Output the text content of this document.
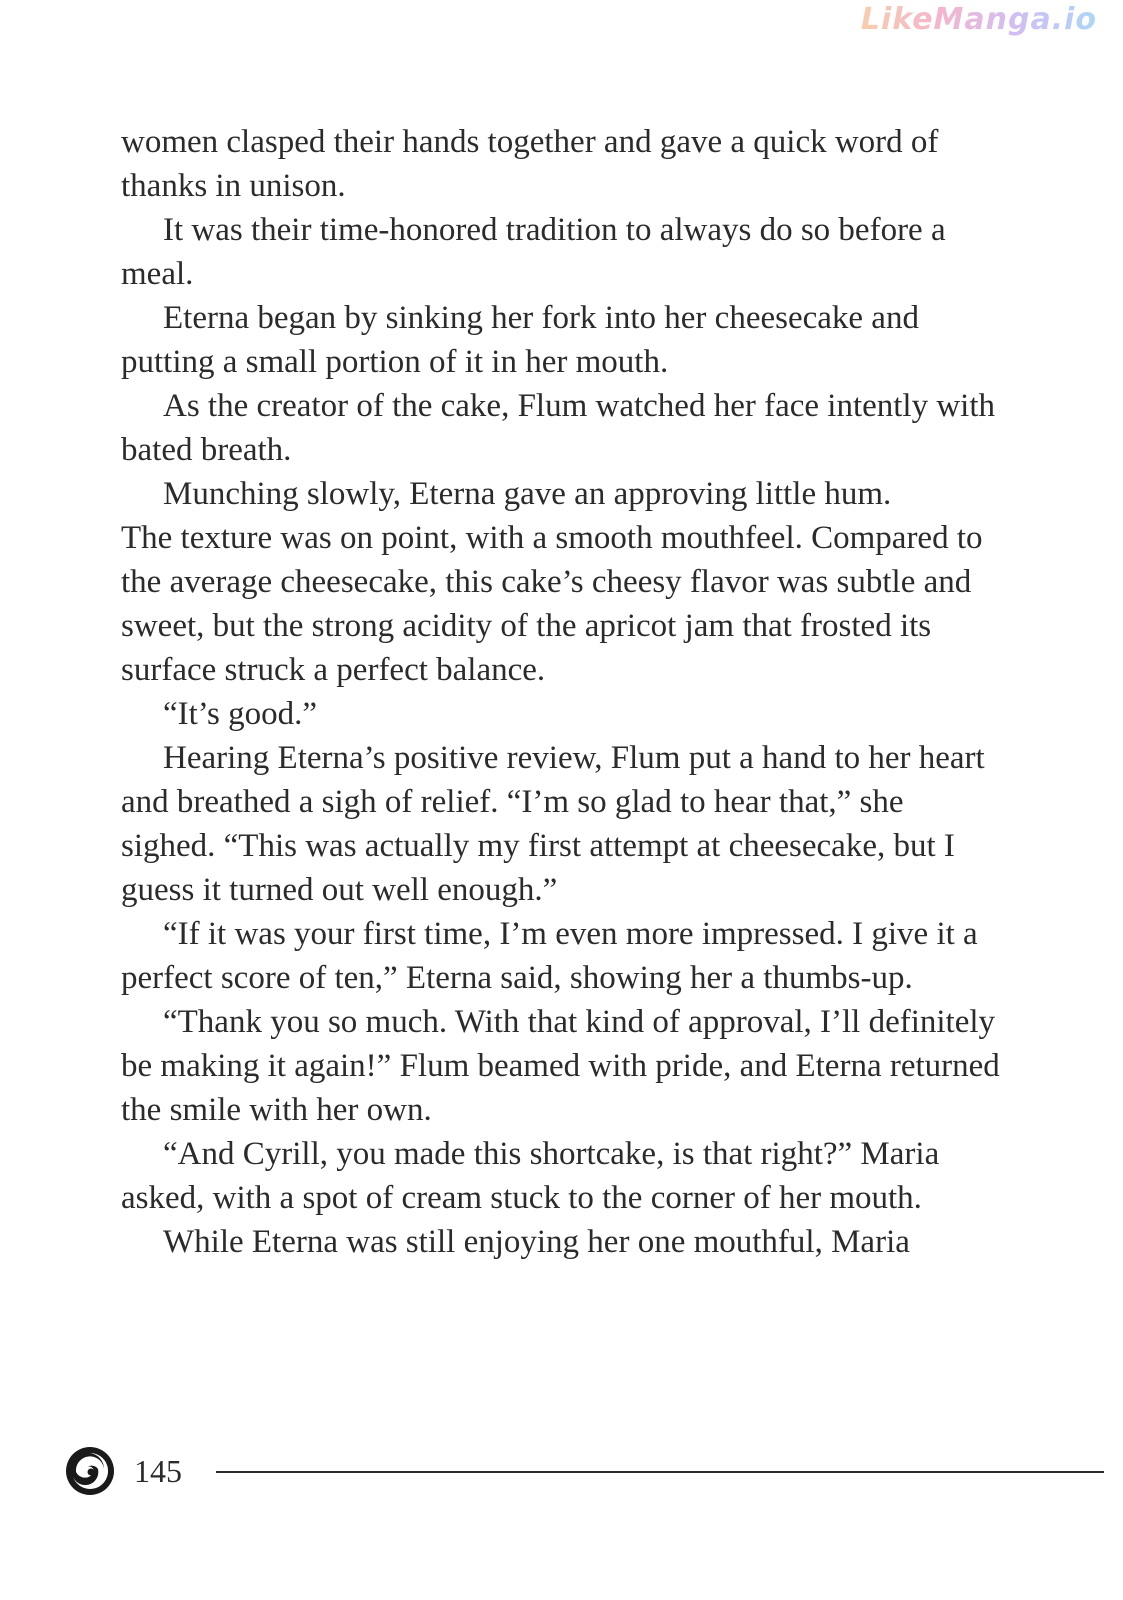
LikeManga.io

women clasped their hands together and gave a quick word of thanks in unison.

It was their time-honored tradition to always do so before a meal.

Eterna began by sinking her fork into her cheesecake and putting a small portion of it in her mouth.

As the creator of the cake, Flum watched her face intently with bated breath.

Munching slowly, Eterna gave an approving little hum.

The texture was on point, with a smooth mouthfeel. Compared to the average cheesecake, this cake’s cheesy flavor was subtle and sweet, but the strong acidity of the apricot jam that frosted its surface struck a perfect balance.

“It’s good.”

Hearing Eterna’s positive review, Flum put a hand to her heart and breathed a sigh of relief. “I’m so glad to hear that,” she sighed. “This was actually my first attempt at cheesecake, but I guess it turned out well enough.”

“If it was your first time, I’m even more impressed. I give it a perfect score of ten,” Eterna said, showing her a thumbs-up.

“Thank you so much. With that kind of approval, I’ll definitely be making it again!” Flum beamed with pride, and Eterna returned the smile with her own.

“And Cyrill, you made this shortcake, is that right?” Maria asked, with a spot of cream stuck to the corner of her mouth.

While Eterna was still enjoying her one mouthful, Maria

145
